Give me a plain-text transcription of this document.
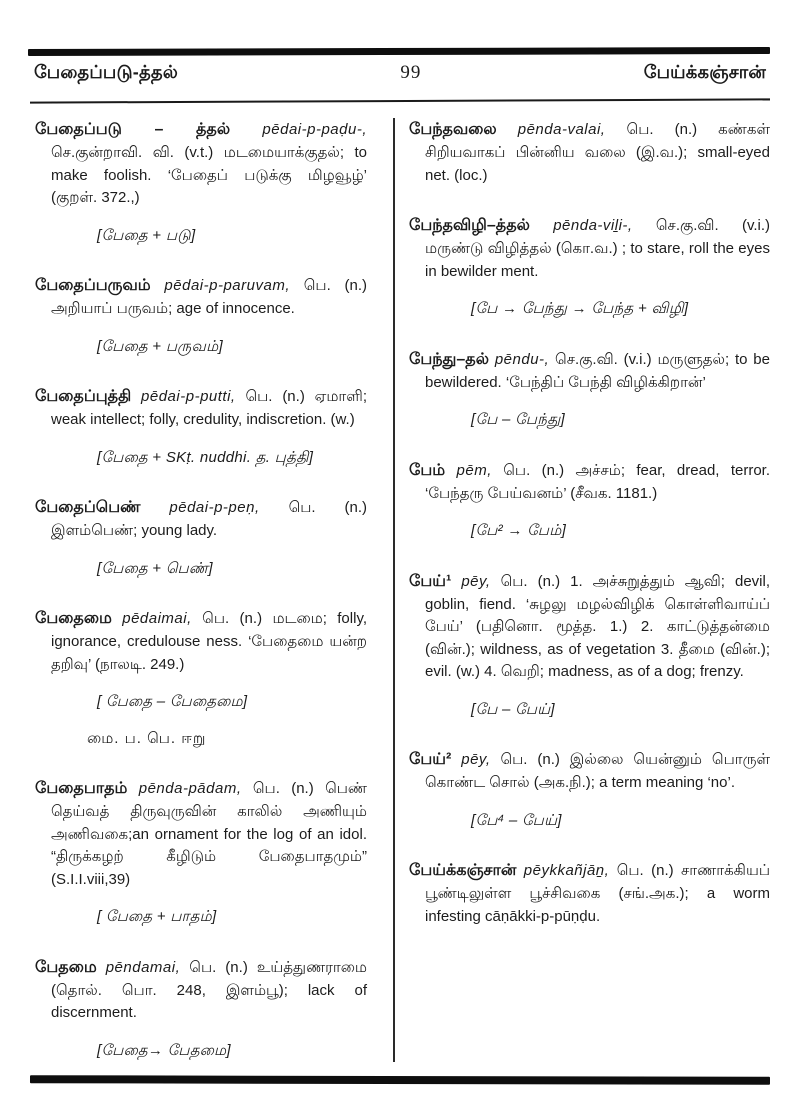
பேதைப்படு-த்தல்	99	பேய்க்கஞ்சான்

பேதைப்படு – த்தல் pēdai-p-paḍu-, செ.குன்றாவி. வி. (v.t.) மடமையாக்குதல்; to make foolish. ‘பேதைப் படுக்கு மிழவூழ்’ (குறள். 372.,)

[பேதை + படு]

பேதைப்பருவம் pēdai-p-paruvam, பெ. (n.) அறியாப் பருவம்; age of innocence.

[பேதை + பருவம்]

பேதைப்புத்தி pēdai-p-putti, பெ. (n.) ஏமாளி; weak intellect; folly, credulity, indiscretion. (w.)

[பேதை + SKṭ. nuddhi. த. புத்தி]

பேதைப்பெண் pēdai-p-peṇ, பெ. (n.) இளம்பெண்; young lady.

[பேதை + பெண்]

பேதைமை pēdaimai, பெ. (n.) மடமை; folly, ignorance, credulouse ness. ‘பேதைமை யன்ற தறிவு’ (நாலடி. 249.)

[ பேதை – பேதைமை]
மை. ப. பெ. ஈறு

பேதைபாதம் pēnda-pādam, பெ. (n.) பெண் தெய்வத் திருவுருவின் காலில் அணியும் அணிவகை;an ornament for the log of an idol. “திருக்கழற் கீழிடும் பேதைபாதமும்” (S.I.I.viii,39)

[ பேதை + பாதம்]

பேதமை pēndamai, பெ. (n.) உய்த்துணராமை (தொல். பொ. 248, இளம்பூ); lack of discernment.

[பேதை→ பேதமை]

பேந்தவலை pēnda-valai, பெ. (n.) கண்கள் சிறியவாகப் பின்னிய வலை (இ.வ.); small-eyed net. (loc.)

பேந்தவிழி–த்தல் pēnda-viḻi-, செ.கு.வி. (v.i.) மருண்டு விழித்தல் (கொ.வ.) ; to stare, roll the eyes in bewilder ment.

[பே → பேந்து → பேந்த + விழி]

பேந்து–தல் pēndu-, செ.கு.வி. (v.i.) மருளுதல்; to be bewildered. ‘பேந்திப் பேந்தி விழிக்கிறான்’

[பே – பேந்து]

பேம் pēm, பெ. (n.) அச்சம்; fear, dread, terror. ‘பேந்தரு பேய்வனம்’ (சீவக. 1181.)

[பே² → பேம்]

பேய்¹ pēy, பெ. (n.) 1. அச்சுறுத்தும் ஆவி; devil, goblin, fiend. ‘சுழலு மழல்விழிக் கொள்ளிவாய்ப் பேய்’ (பதினொ. மூத்த. 1.) 2. காட்டுத்தன்மை (வின்.); wildness, as of vegetation 3. தீமை (வின்.); evil. (w.) 4. வெறி; madness, as of a dog; frenzy.

[பே – பேய்]

பேய்² pēy, பெ. (n.) இல்லை யென்னும் பொருள் கொண்ட சொல் (அக.நி.); a term meaning ‘no’.

[பே⁴ – பேய்]

பேய்க்கஞ்சான் pēykkañjāṉ, பெ. (n.) சாணாக்கியப் பூண்டிலுள்ள பூச்சிவகை (சங்.அக.); a worm infesting cāṇākki-p-pūṇḍu.
